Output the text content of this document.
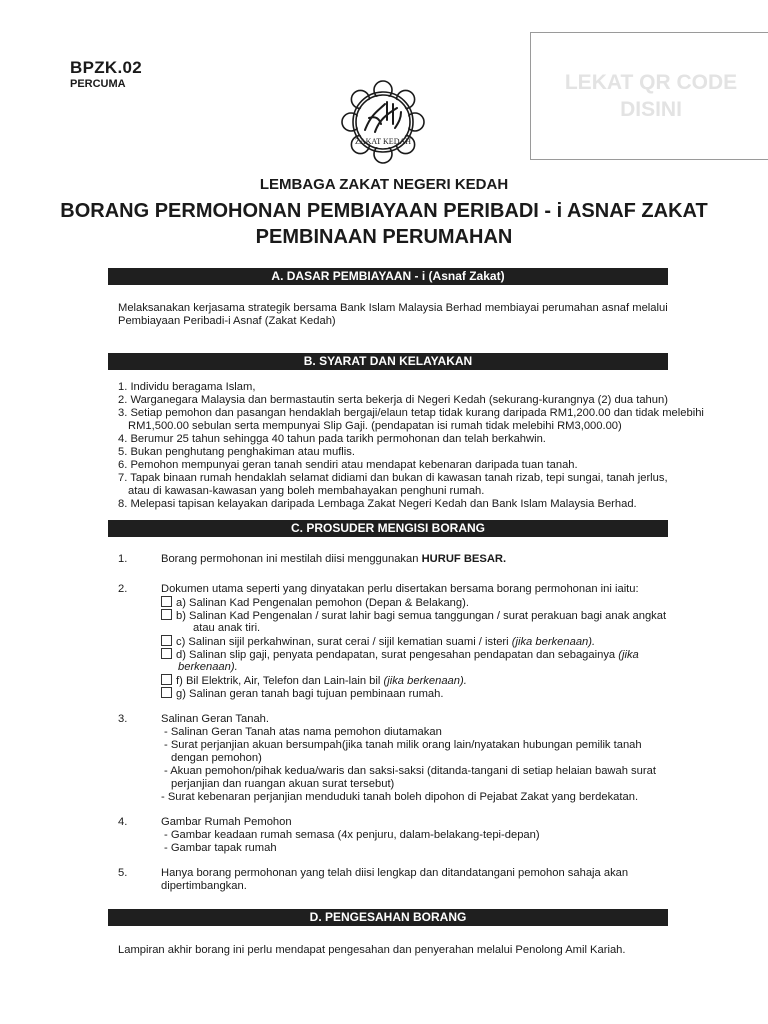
BPZK.02
PERCUMA
ZAKAT KEDAH
LEKAT QR CODE
DISINI
LEMBAGA ZAKAT NEGERI KEDAH
BORANG PERMOHONAN PEMBIAYAAN PERIBADI - i ASNAF ZAKAT
PEMBINAAN PERUMAHAN
A. DASAR PEMBIAYAAN - i (Asnaf Zakat)
Melaksanakan kerjasama strategik bersama Bank Islam Malaysia Berhad membiayai perumahan asnaf melalui
Pembiayaan Peribadi-i Asnaf (Zakat Kedah)
B. SYARAT DAN KELAYAKAN
1. Individu beragama Islam,
2. Warganegara Malaysia dan bermastautin serta bekerja di Negeri Kedah (sekurang-kurangnya (2) dua tahun)
3. Setiap pemohon dan pasangan hendaklah bergaji/elaun tetap tidak kurang daripada RM1,200.00 dan tidak melebihi
RM1,500.00 sebulan serta mempunyai Slip Gaji. (pendapatan isi rumah tidak melebihi RM3,000.00)
4. Berumur 25 tahun sehingga 40 tahun pada tarikh permohonan dan telah berkahwin.
5. Bukan penghutang penghakiman atau muflis.
6. Pemohon mempunyai geran tanah sendiri atau mendapat kebenaran daripada tuan tanah.
7. Tapak binaan rumah hendaklah selamat didiami dan bukan di kawasan tanah rizab, tepi sungai, tanah jerlus,
atau di kawasan-kawasan yang boleh membahayakan penghuni rumah.
8. Melepasi tapisan kelayakan daripada Lembaga Zakat Negeri Kedah dan Bank Islam Malaysia Berhad.
C. PROSUDER MENGISI BORANG
1.	Borang permohonan ini mestilah diisi menggunakan HURUF BESAR.
2.	Dokumen utama seperti yang dinyatakan perlu disertakan bersama borang permohonan ini iaitu:
a) Salinan Kad Pengenalan pemohon (Depan & Belakang).
b) Salinan Kad Pengenalan / surat lahir bagi semua tanggungan / surat perakuan bagi anak angkat
atau anak tiri.
c) Salinan sijil perkahwinan, surat cerai / sijil kematian suami / isteri (jika berkenaan).
d) Salinan slip gaji, penyata pendapatan, surat pengesahan pendapatan dan sebagainya (jika
berkenaan).
f) Bil Elektrik, Air, Telefon dan Lain-lain bil (jika berkenaan).
g) Salinan geran tanah bagi tujuan pembinaan rumah.
3.	Salinan Geran Tanah.
- Salinan Geran Tanah atas nama pemohon diutamakan
- Surat perjanjian akuan bersumpah(jika tanah milik orang lain/nyatakan hubungan pemilik tanah
dengan pemohon)
- Akuan pemohon/pihak kedua/waris dan saksi-saksi (ditanda-tangani di setiap helaian bawah surat
perjanjian dan ruangan akuan surat tersebut)
- Surat kebenaran perjanjian menduduki tanah boleh dipohon di Pejabat Zakat yang berdekatan.
4.	Gambar Rumah Pemohon
- Gambar keadaan rumah semasa (4x penjuru, dalam-belakang-tepi-depan)
- Gambar tapak rumah
5.	Hanya borang permohonan yang telah diisi lengkap dan ditandatangani pemohon sahaja akan
dipertimbangkan.
D. PENGESAHAN BORANG
Lampiran akhir borang ini perlu mendapat pengesahan dan penyerahan melalui Penolong Amil Kariah.
